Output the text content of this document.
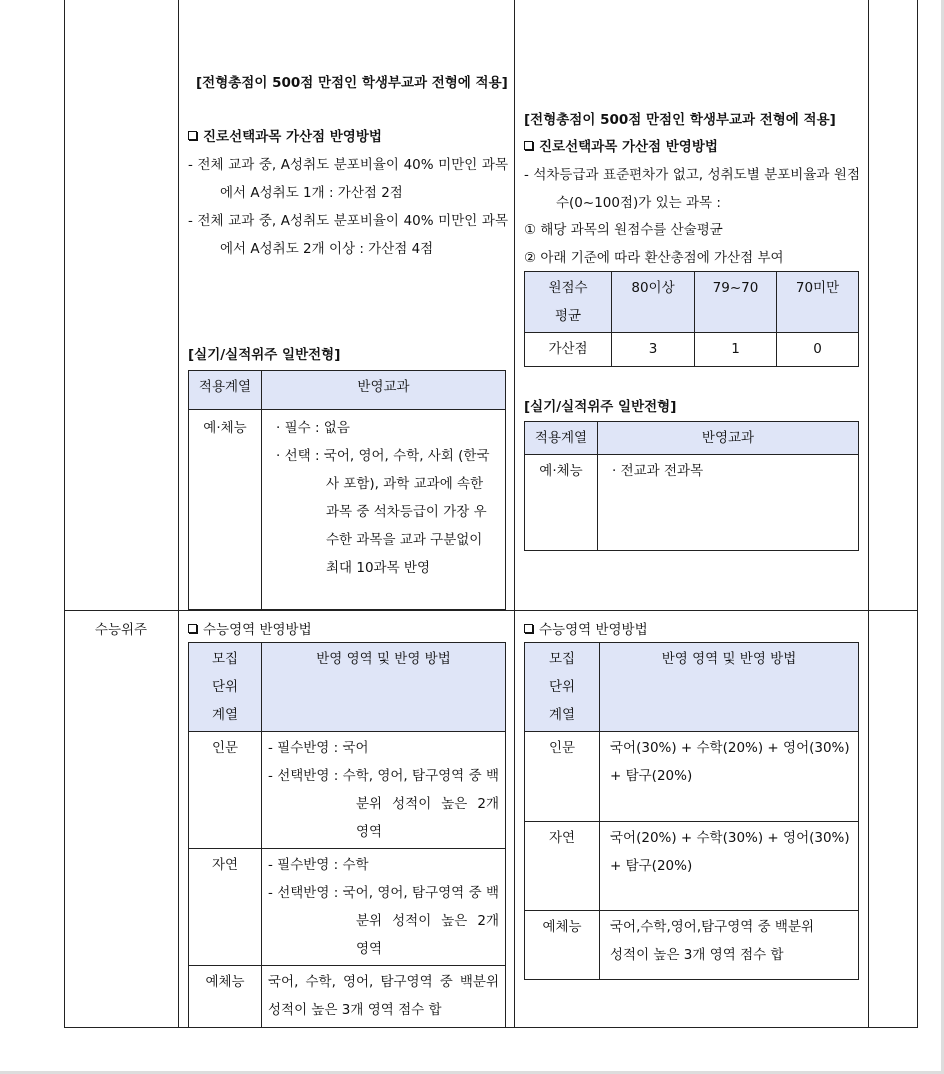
수능위주
[전형총점이 500점 만점인 학생부교과 전형에 적용]
진로선택과목 가산점 반영방법
- 전체 교과 중, A성취도 분포비율이 40% 미만인 과목에서 A성취도 1개 : 가산점 2점
- 전체 교과 중, A성취도 분포비율이 40% 미만인 과목에서 A성취도 2개 이상 : 가산점 4점
[실기/실적위주 일반전형]
적용계열	반영교과
예·체능	· 필수 : 없음
· 선택 : 국어, 영어, 수학, 사회 (한국사 포함), 과학 교과에 속한 과목 중 석차등급이 가장 우수한 과목을 교과 구분없이 최대 10과목 반영
[전형총점이 500점 만점인 학생부교과 전형에 적용]
진로선택과목 가산점 반영방법
- 석차등급과 표준편차가 없고, 성취도별 분포비율과 원점수(0~100점)가 있는 과목 :
① 해당 과목의 원점수를 산술평균
② 아래 기준에 따라 환산총점에 가산점 부여
원점수 평균	80이상	79~70	70미만
가산점	3	1	0
[실기/실적위주 일반전형]
적용계열	반영교과
예·체능	· 전교과 전과목
수능영역 반영방법
모집 단위 계열	반영 영역 및 반영 방법
인문	- 필수반영 : 국어
- 선택반영 : 수학, 영어, 탐구영역 중 백분위 성적이 높은 2개 영역

자연	- 필수반영 : 수학
- 선택반영 : 국어, 영어, 탐구영역 중 백분위 성적이 높은 2개 영역

예체능	국어, 수학, 영어, 탐구영역 중 백분위 성적이 높은 3개 영역 점수 합
수능영역 반영방법
모집 단위 계열	반영 영역 및 반영 방법
인문	국어(30%) + 수학(20%) + 영어(30%) + 탐구(20%)
자연	국어(20%) + 수학(30%) + 영어(30%) + 탐구(20%)
예체능	국어,수학,영어,탐구영역 중 백분위 성적이 높은 3개 영역 점수 합
